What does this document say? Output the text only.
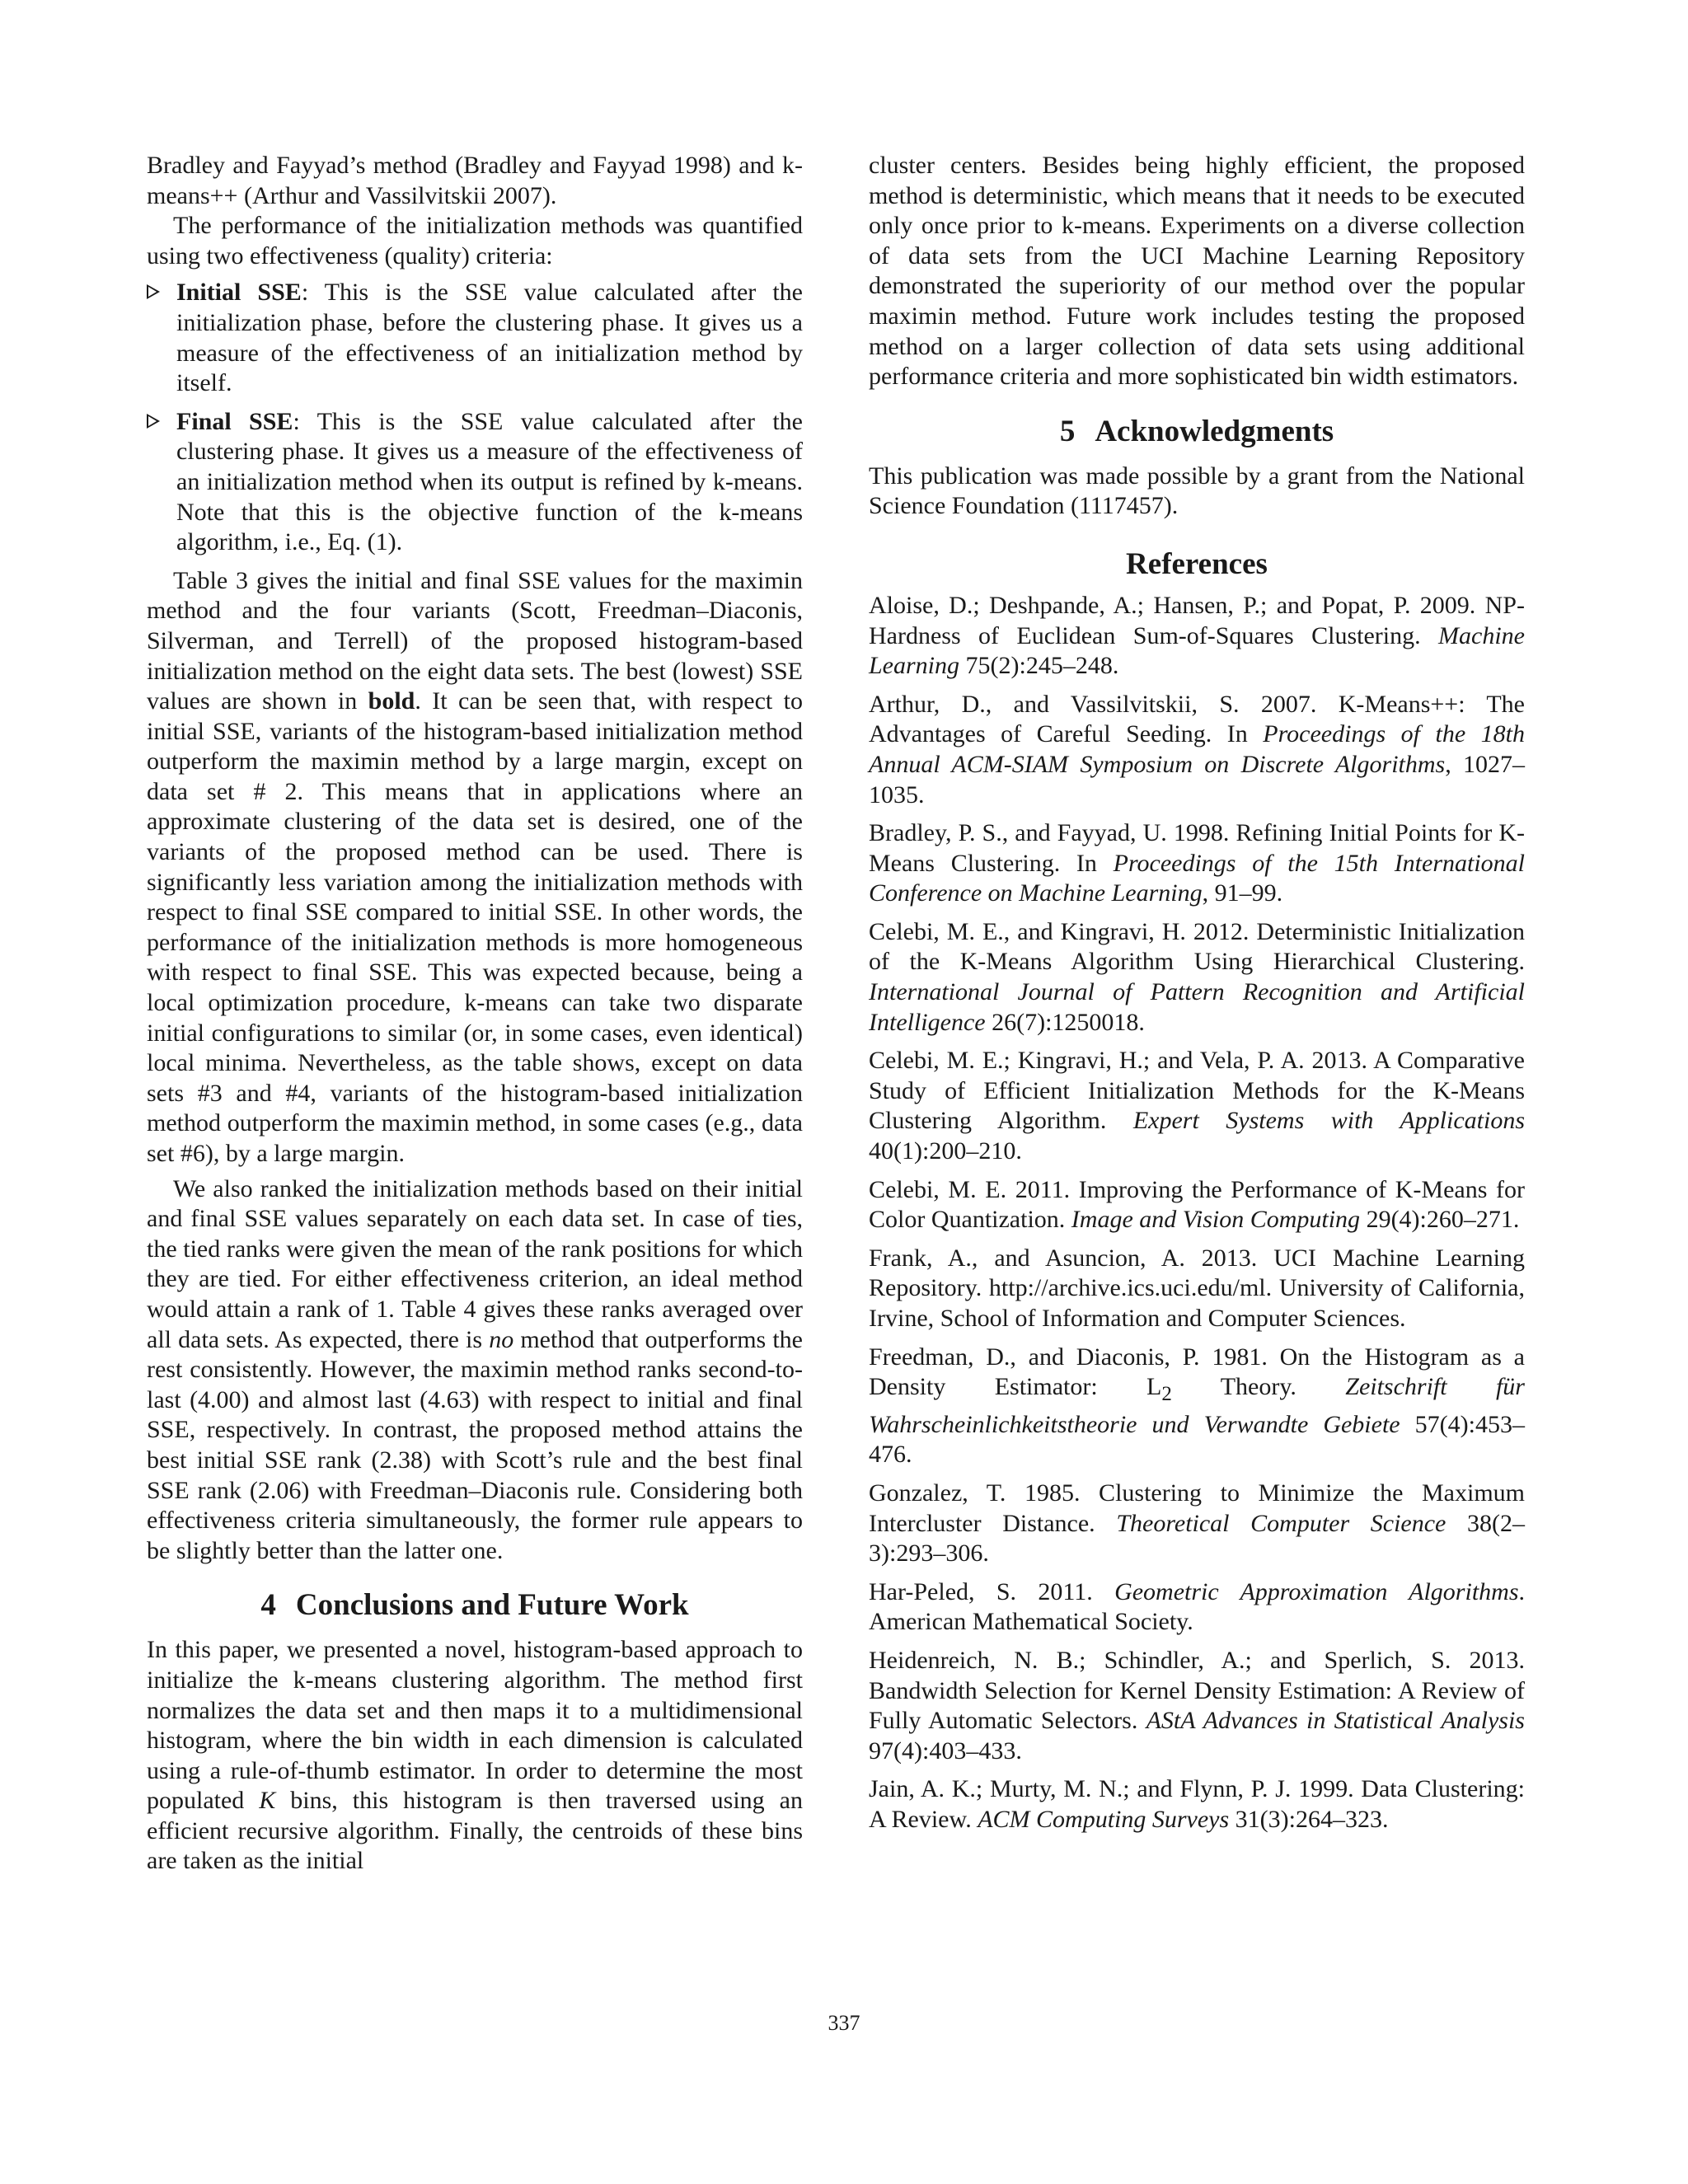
Bradley and Fayyad’s method (Bradley and Fayyad 1998) and k-means++ (Arthur and Vassilvitskii 2007).

The performance of the initialization methods was quantified using two effectiveness (quality) criteria:

Initial SSE: This is the SSE value calculated after the initialization phase, before the clustering phase. It gives us a measure of the effectiveness of an initialization method by itself.
Final SSE: This is the SSE value calculated after the clustering phase. It gives us a measure of the effectiveness of an initialization method when its output is refined by k-means. Note that this is the objective function of the k-means algorithm, i.e., Eq. (1).

Table 3 gives the initial and final SSE values for the maximin method and the four variants (Scott, Freedman–Diaconis, Silverman, and Terrell) of the proposed histogram-based initialization method on the eight data sets. The best (lowest) SSE values are shown in bold. It can be seen that, with respect to initial SSE, variants of the histogram-based initialization method outperform the maximin method by a large margin, except on data set # 2. This means that in applications where an approximate clustering of the data set is desired, one of the variants of the proposed method can be used. There is significantly less variation among the initialization methods with respect to final SSE compared to initial SSE. In other words, the performance of the initialization methods is more homogeneous with respect to final SSE. This was expected because, being a local optimization procedure, k-means can take two disparate initial configurations to similar (or, in some cases, even identical) local minima. Nevertheless, as the table shows, except on data sets #3 and #4, variants of the histogram-based initialization method outperform the maximin method, in some cases (e.g., data set #6), by a large margin.

We also ranked the initialization methods based on their initial and final SSE values separately on each data set. In case of ties, the tied ranks were given the mean of the rank positions for which they are tied. For either effectiveness criterion, an ideal method would attain a rank of 1. Table 4 gives these ranks averaged over all data sets. As expected, there is no method that outperforms the rest consistently. However, the maximin method ranks second-to-last (4.00) and almost last (4.63) with respect to initial and final SSE, respectively. In contrast, the proposed method attains the best initial SSE rank (2.38) with Scott’s rule and the best final SSE rank (2.06) with Freedman–Diaconis rule. Considering both effectiveness criteria simultaneously, the former rule appears to be slightly better than the latter one.

4 Conclusions and Future Work

In this paper, we presented a novel, histogram-based approach to initialize the k-means clustering algorithm. The method first normalizes the data set and then maps it to a multidimensional histogram, where the bin width in each dimension is calculated using a rule-of-thumb estimator. In order to determine the most populated K bins, this histogram is then traversed using an efficient recursive algorithm. Finally, the centroids of these bins are taken as the initial

cluster centers. Besides being highly efficient, the proposed method is deterministic, which means that it needs to be executed only once prior to k-means. Experiments on a diverse collection of data sets from the UCI Machine Learning Repository demonstrated the superiority of our method over the popular maximin method. Future work includes testing the proposed method on a larger collection of data sets using additional performance criteria and more sophisticated bin width estimators.

5 Acknowledgments

This publication was made possible by a grant from the National Science Foundation (1117457).

References

Aloise, D.; Deshpande, A.; Hansen, P.; and Popat, P. 2009. NP-Hardness of Euclidean Sum-of-Squares Clustering. Machine Learning 75(2):245–248.

Arthur, D., and Vassilvitskii, S. 2007. K-Means++: The Advantages of Careful Seeding. In Proceedings of the 18th Annual ACM-SIAM Symposium on Discrete Algorithms, 1027–1035.

Bradley, P. S., and Fayyad, U. 1998. Refining Initial Points for K-Means Clustering. In Proceedings of the 15th International Conference on Machine Learning, 91–99.

Celebi, M. E., and Kingravi, H. 2012. Deterministic Initialization of the K-Means Algorithm Using Hierarchical Clustering. International Journal of Pattern Recognition and Artificial Intelligence 26(7):1250018.

Celebi, M. E.; Kingravi, H.; and Vela, P. A. 2013. A Comparative Study of Efficient Initialization Methods for the K-Means Clustering Algorithm. Expert Systems with Applications 40(1):200–210.

Celebi, M. E. 2011. Improving the Performance of K-Means for Color Quantization. Image and Vision Computing 29(4):260–271.

Frank, A., and Asuncion, A. 2013. UCI Machine Learning Repository. http://archive.ics.uci.edu/ml. University of California, Irvine, School of Information and Computer Sciences.

Freedman, D., and Diaconis, P. 1981. On the Histogram as a Density Estimator: $L_2$ Theory. Zeitschrift für Wahrscheinlichkeitstheorie und Verwandte Gebiete 57(4):453–476.

Gonzalez, T. 1985. Clustering to Minimize the Maximum Intercluster Distance. Theoretical Computer Science 38(2–3):293–306.

Har-Peled, S. 2011. Geometric Approximation Algorithms. American Mathematical Society.

Heidenreich, N. B.; Schindler, A.; and Sperlich, S. 2013. Bandwidth Selection for Kernel Density Estimation: A Review of Fully Automatic Selectors. AStA Advances in Statistical Analysis 97(4):403–433.

Jain, A. K.; Murty, M. N.; and Flynn, P. J. 1999. Data Clustering: A Review. ACM Computing Surveys 31(3):264–323.

337
